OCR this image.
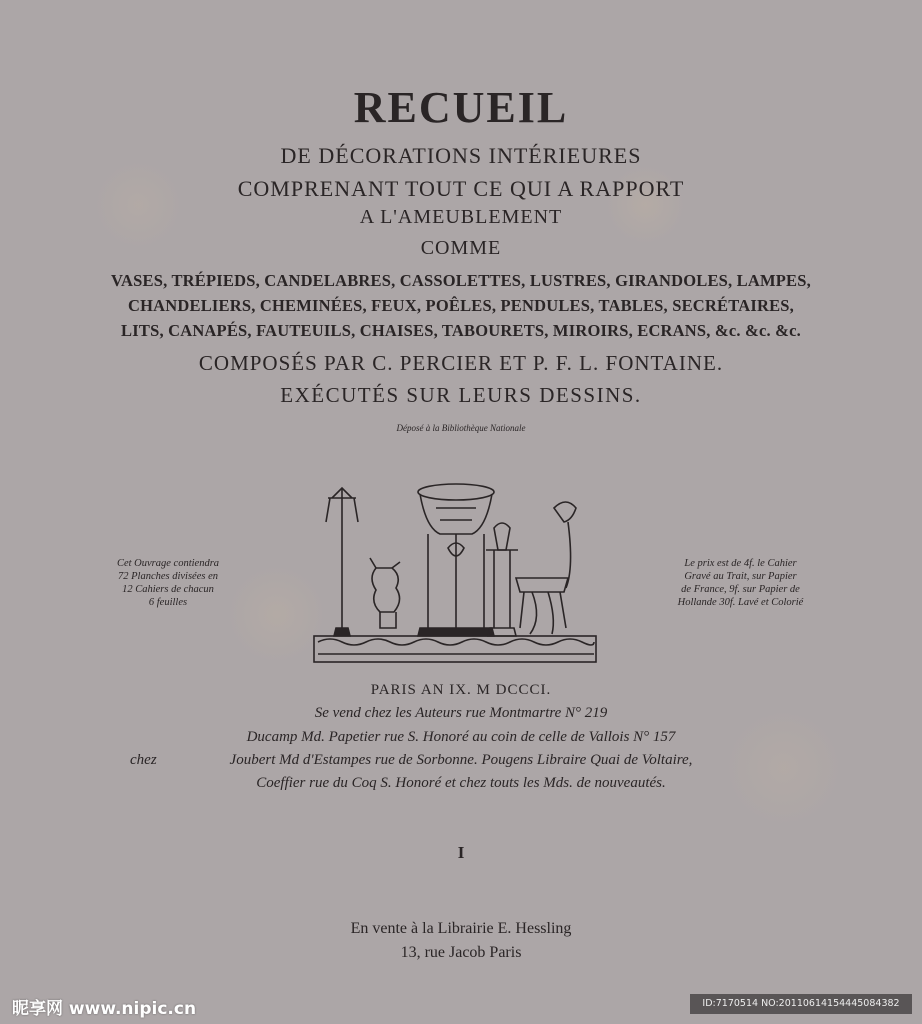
RECUEIL
DE DÉCORATIONS INTÉRIEURES
COMPRENANT TOUT CE QUI A RAPPORT
A L'AMEUBLEMENT
COMME
VASES, TRÉPIEDS, CANDELABRES, CASSOLETTES, LUSTRES, GIRANDOLES, LAMPES,
CHANDELIERS, CHEMINÉES, FEUX, POÊLES, PENDULES, TABLES, SECRÉTAIRES,
LITS, CANAPÉS, FAUTEUILS, CHAISES, TABOURETS, MIROIRS, ECRANS, &c. &c. &c.
COMPOSÉS PAR C. PERCIER ET P. F. L. FONTAINE.
EXÉCUTÉS SUR LEURS DESSINS.
Déposé à la Bibliothèque Nationale
Cet Ouvrage contiendra
72 Planches divisées en
12 Cahiers de chacun
6 feuilles
Le prix est de 4f. le Cahier
Gravé au Trait, sur Papier
de France, 9f. sur Papier de
Hollande 30f. Lavé et Colorié
PARIS AN IX. M DCCCI.
Se vend chez les Auteurs rue Montmartre N° 219
Ducamp Md. Papetier rue S. Honoré au coin de celle de Vallois N° 157
chez	Joubert Md d'Estampes rue de Sorbonne. Pougens Libraire Quai de Voltaire,
Coeffier rue du Coq S. Honoré et chez touts les Mds. de nouveautés.
I
En vente à la Librairie E. Hessling
13, rue Jacob Paris
昵享网 www.nipic.cn	ID:7170514 NO:20110614154445084382
